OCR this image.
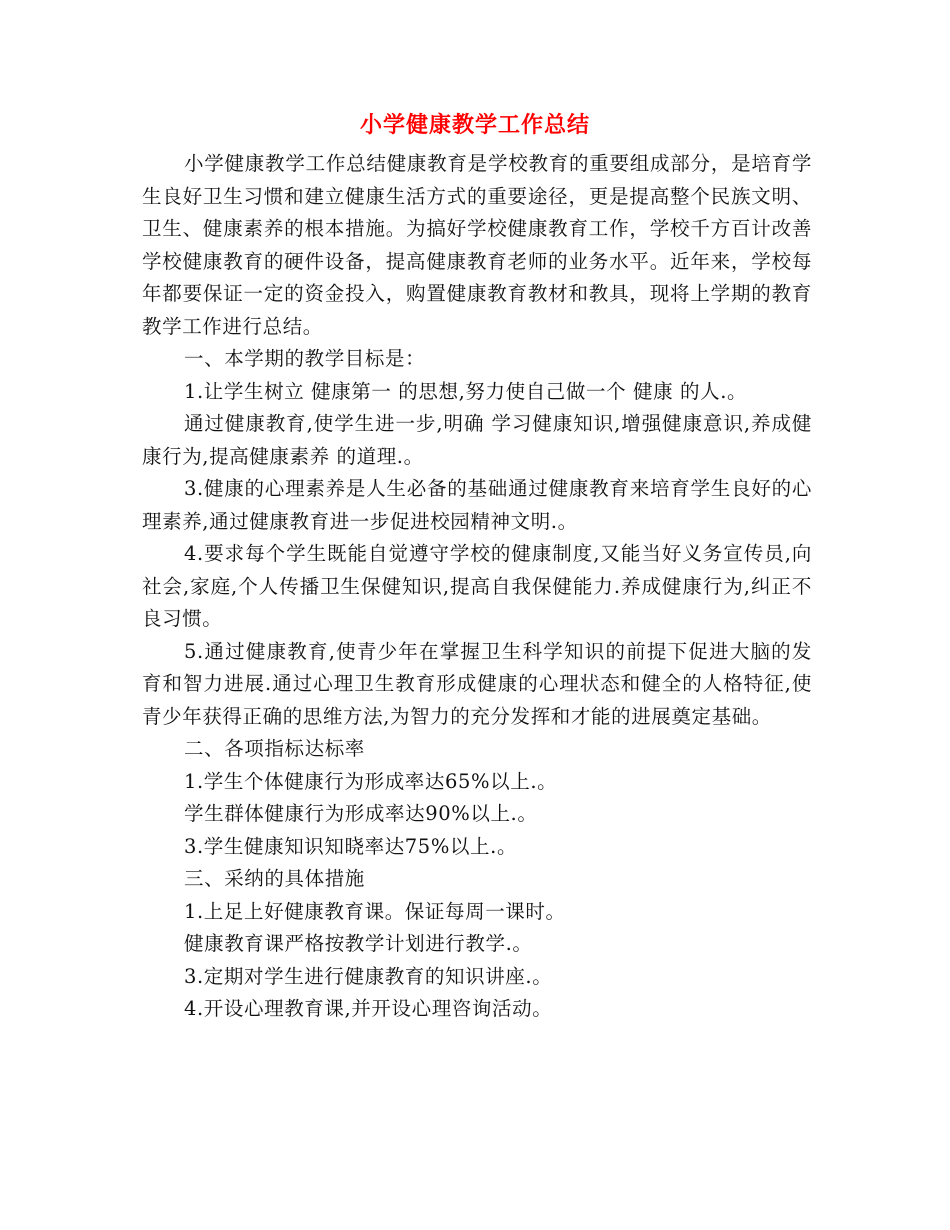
小学健康教学工作总结

小学健康教学工作总结健康教育是学校教育的重要组成部分，是培育学生良好卫生习惯和建立健康生活方式的重要途径，更是提高整个民族文明、卫生、健康素养的根本措施。为搞好学校健康教育工作，学校千方百计改善学校健康教育的硬件设备，提高健康教育老师的业务水平。近年来，学校每年都要保证一定的资金投入，购置健康教育教材和教具，现将上学期的教育教学工作进行总结。

一、本学期的教学目标是：

1.让学生树立 健康第一 的思想,努力使自己做一个 健康 的人.。

通过健康教育,使学生进一步,明确 学习健康知识,增强健康意识,养成健康行为,提高健康素养 的道理.。

3.健康的心理素养是人生必备的基础通过健康教育来培育学生良好的心理素养,通过健康教育进一步促进校园精神文明.。

4.要求每个学生既能自觉遵守学校的健康制度,又能当好义务宣传员,向社会,家庭,个人传播卫生保健知识,提高自我保健能力.养成健康行为,纠正不良习惯。

5.通过健康教育,使青少年在掌握卫生科学知识的前提下促进大脑的发育和智力进展.通过心理卫生教育形成健康的心理状态和健全的人格特征,使青少年获得正确的思维方法,为智力的充分发挥和才能的进展奠定基础。

二、各项指标达标率

1.学生个体健康行为形成率达65%以上.。

学生群体健康行为形成率达90%以上.。

3.学生健康知识知晓率达75%以上.。

三、采纳的具体措施

1.上足上好健康教育课。保证每周一课时。

健康教育课严格按教学计划进行教学.。

3.定期对学生进行健康教育的知识讲座.。

4.开设心理教育课,并开设心理咨询活动。
